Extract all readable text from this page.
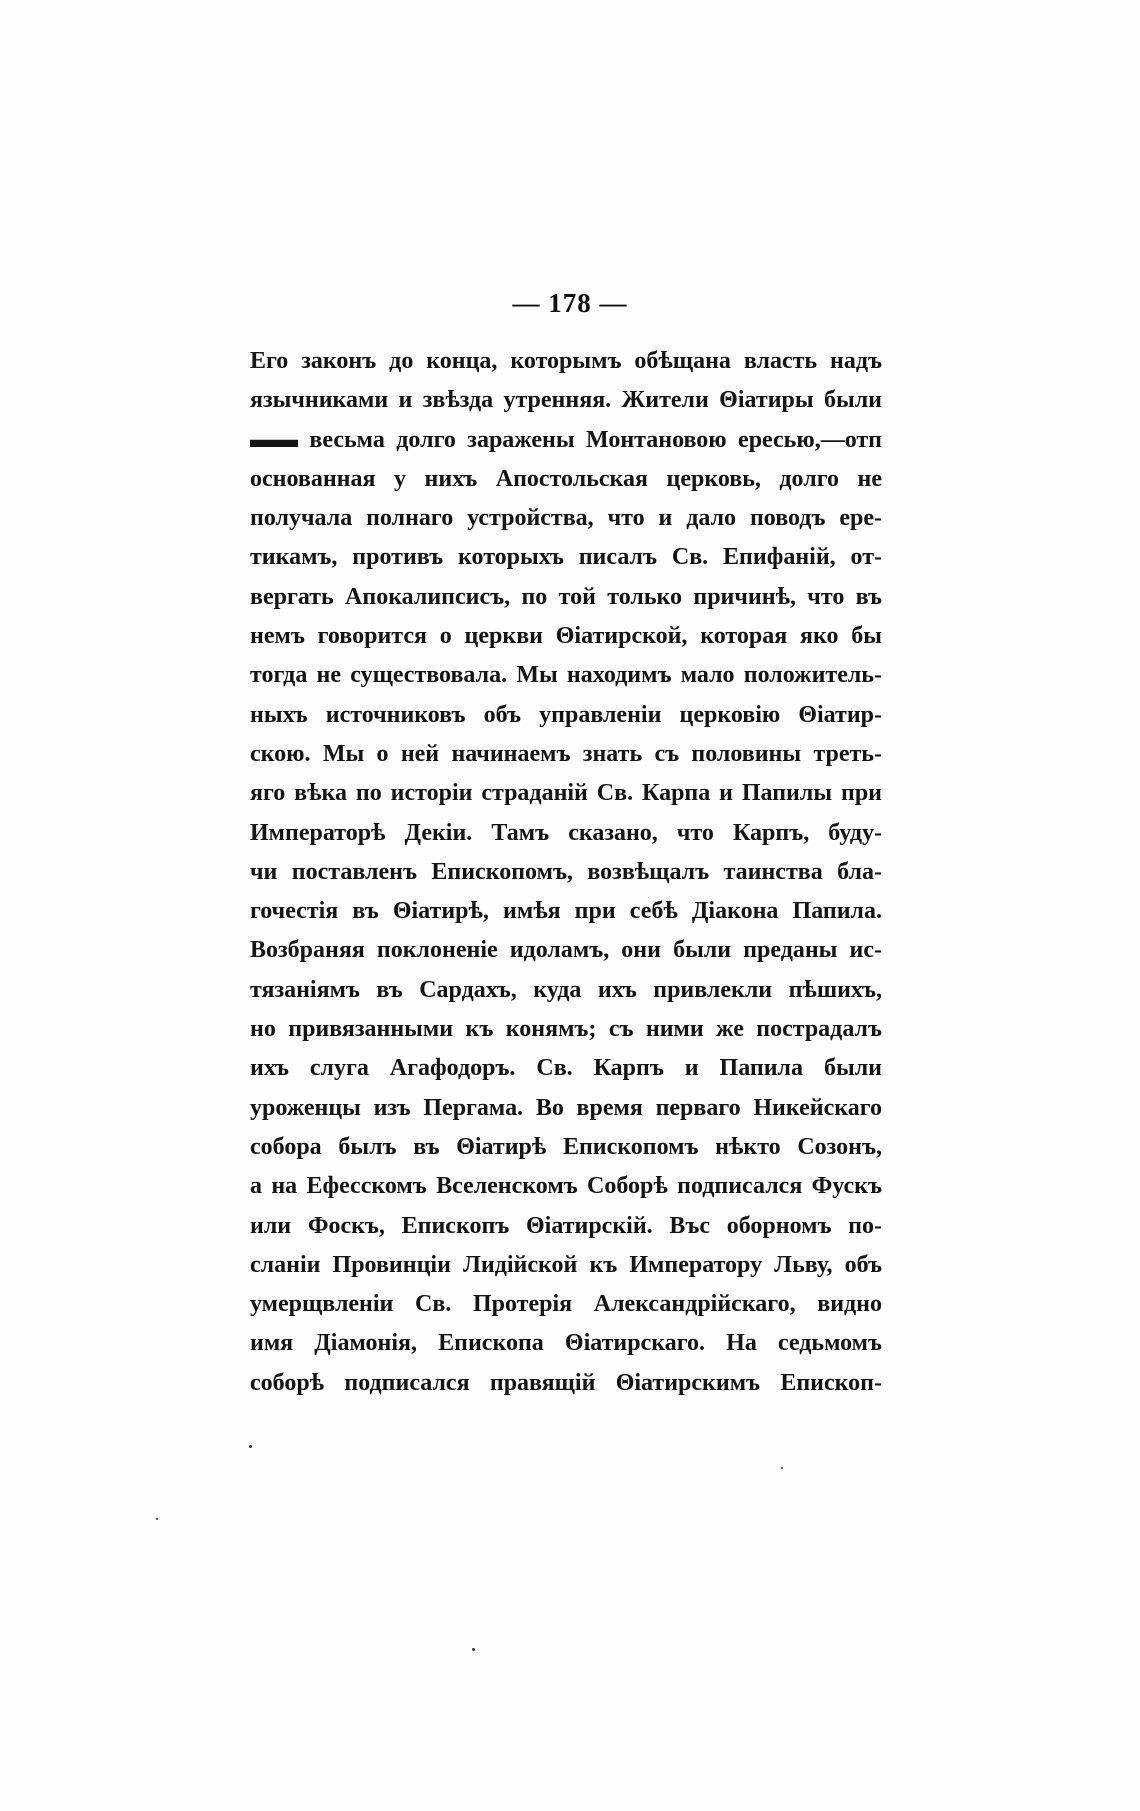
— 178 —
Его законъ до конца, которымъ обѣщана власть надъ
язычниками и звѣзда утренняя. Жители Θіатиры были
▬▬ весьма долго заражены Монтановою ересью,—отп
основанная у нихъ Апостольская церковь, долго не
получала полнаго устройства, что и дало поводъ ере-
тикамъ, противъ которыхъ писалъ Св. Епифаній, от-
вергать Апокалипсисъ, по той только причинѣ, что въ
немъ говорится о церкви Θіатирской, которая яко бы
тогда не существовала. Мы находимъ мало положитель-
ныхъ источниковъ объ управленіи церковію Θіатир-
скою. Мы о ней начинаемъ знать съ половины треть-
яго вѣка по исторіи страданій Св. Карпа и Папилы при
Императорѣ Декіи. Тамъ сказано, что Карпъ, буду-
чи поставленъ Епископомъ, возвѣщалъ таинства бла-
гочестія въ Θіатирѣ, имѣя при себѣ Діакона Папила.
Возбраняя поклоненіе идоламъ, они были преданы ис-
тязаніямъ въ Сардахъ, куда ихъ привлекли пѣшихъ,
но привязанными къ конямъ; съ ними же пострадалъ
ихъ слуга Агафодоръ. Св. Карпъ и Папила были
уроженцы изъ Пергама. Во время перваго Никейскаго
собора былъ въ Θіатирѣ Епископомъ нѣкто Созонъ,
а на Ефесскомъ Вселенскомъ Соборѣ подписался Фускъ
или Фоскъ, Епископъ Θіатирскій. Въс оборномъ по-
сланіи Провинціи Лидійской къ Императору Льву, объ
умерщвленіи Св. Протерія Александрійскаго, видно
имя Діамонія, Епископа Θіатирскаго. На седьмомъ
соборѣ подписался правящій Θіатирскимъ Епископ-
